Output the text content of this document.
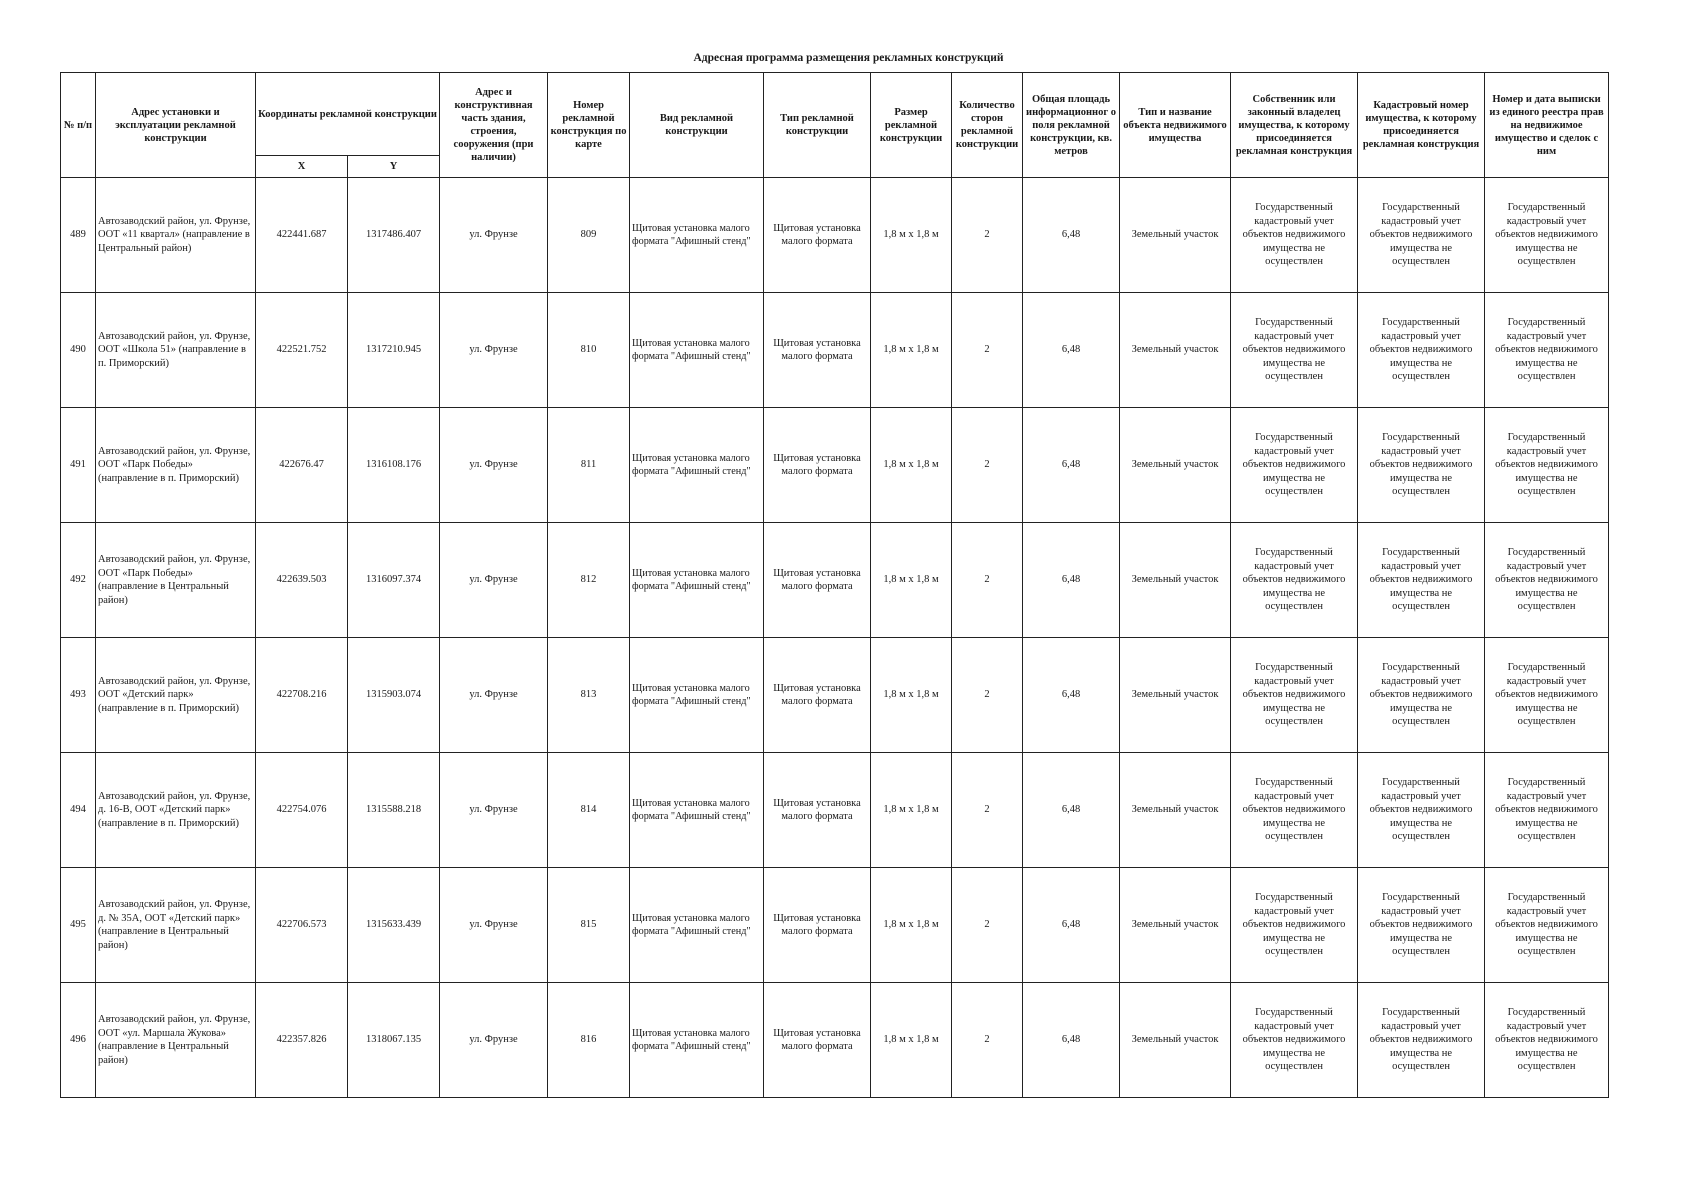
Адресная программа размещения рекламных конструкций
№ п/п	Адрес установки и эксплуатации рекламной конструкции	Координаты рекламной конструкции		Адрес и конструктивная часть здания, строения, сооружения (при наличии)	Номер рекламной конструкция по карте	Вид рекламной конструкции	Тип рекламной конструкции	Размер рекламной конструкции	Количество сторон рекламной конструкции	Общая площадь информационног о поля рекламной конструкции, кв. метров	Тип и название объекта недвижимого имущества	Собственник или законный владелец имущества, к которому присоединяется рекламная конструкция	Кадастровый номер имущества, к которому присоединяется рекламная конструкция	Номер и дата выписки из единого реестра прав на недвижимое имущество и сделок с ним
		X	Y											
489	Автозаводский район, ул. Фрунзе, ООТ «11 квартал» (направление в Центральный район)	422441.687	1317486.407	ул. Фрунзе	809	Щитовая установка малого формата "Афишный стенд"	Щитовая установка малого формата	1,8 м х 1,8 м	2	6,48	Земельный участок	Государственный кадастровый учет объектов недвижимого имущества не осуществлен	Государственный кадастровый учет объектов недвижимого имущества не осуществлен	Государственный кадастровый учет объектов недвижимого имущества не осуществлен
490	Автозаводский район, ул. Фрунзе, ООТ «Школа 51» (направление в п. Приморский)	422521.752	1317210.945	ул. Фрунзе	810	Щитовая установка малого формата "Афишный стенд"	Щитовая установка малого формата	1,8 м х 1,8 м	2	6,48	Земельный участок	Государственный кадастровый учет объектов недвижимого имущества не осуществлен	Государственный кадастровый учет объектов недвижимого имущества не осуществлен	Государственный кадастровый учет объектов недвижимого имущества не осуществлен
491	Автозаводский район, ул. Фрунзе, ООТ «Парк Победы» (направление в п. Приморский)	422676.47	1316108.176	ул. Фрунзе	811	Щитовая установка малого формата "Афишный стенд"	Щитовая установка малого формата	1,8 м х 1,8 м	2	6,48	Земельный участок	Государственный кадастровый учет объектов недвижимого имущества не осуществлен	Государственный кадастровый учет объектов недвижимого имущества не осуществлен	Государственный кадастровый учет объектов недвижимого имущества не осуществлен
492	Автозаводский район, ул. Фрунзе, ООТ «Парк Победы» (направление в Центральный район)	422639.503	1316097.374	ул. Фрунзе	812	Щитовая установка малого формата "Афишный стенд"	Щитовая установка малого формата	1,8 м х 1,8 м	2	6,48	Земельный участок	Государственный кадастровый учет объектов недвижимого имущества не осуществлен	Государственный кадастровый учет объектов недвижимого имущества не осуществлен	Государственный кадастровый учет объектов недвижимого имущества не осуществлен
493	Автозаводский район, ул. Фрунзе, ООТ «Детский парк» (направление в п. Приморский)	422708.216	1315903.074	ул. Фрунзе	813	Щитовая установка малого формата "Афишный стенд"	Щитовая установка малого формата	1,8 м х 1,8 м	2	6,48	Земельный участок	Государственный кадастровый учет объектов недвижимого имущества не осуществлен	Государственный кадастровый учет объектов недвижимого имущества не осуществлен	Государственный кадастровый учет объектов недвижимого имущества не осуществлен
494	Автозаводский район, ул. Фрунзе, д. 16-В, ООТ «Детский парк» (направление в п. Приморский)	422754.076	1315588.218	ул. Фрунзе	814	Щитовая установка малого формата "Афишный стенд"	Щитовая установка малого формата	1,8 м х 1,8 м	2	6,48	Земельный участок	Государственный кадастровый учет объектов недвижимого имущества не осуществлен	Государственный кадастровый учет объектов недвижимого имущества не осуществлен	Государственный кадастровый учет объектов недвижимого имущества не осуществлен
495	Автозаводский район, ул. Фрунзе, д. № 35А, ООТ «Детский парк» (направление в Центральный район)	422706.573	1315633.439	ул. Фрунзе	815	Щитовая установка малого формата "Афишный стенд"	Щитовая установка малого формата	1,8 м х 1,8 м	2	6,48	Земельный участок	Государственный кадастровый учет объектов недвижимого имущества не осуществлен	Государственный кадастровый учет объектов недвижимого имущества не осуществлен	Государственный кадастровый учет объектов недвижимого имущества не осуществлен
496	Автозаводский район, ул. Фрунзе, ООТ «ул. Маршала Жукова» (направление в Центральный район)	422357.826	1318067.135	ул. Фрунзе	816	Щитовая установка малого формата "Афишный стенд"	Щитовая установка малого формата	1,8 м х 1,8 м	2	6,48	Земельный участок	Государственный кадастровый учет объектов недвижимого имущества не осуществлен	Государственный кадастровый учет объектов недвижимого имущества не осуществлен	Государственный кадастровый учет объектов недвижимого имущества не осуществлен
